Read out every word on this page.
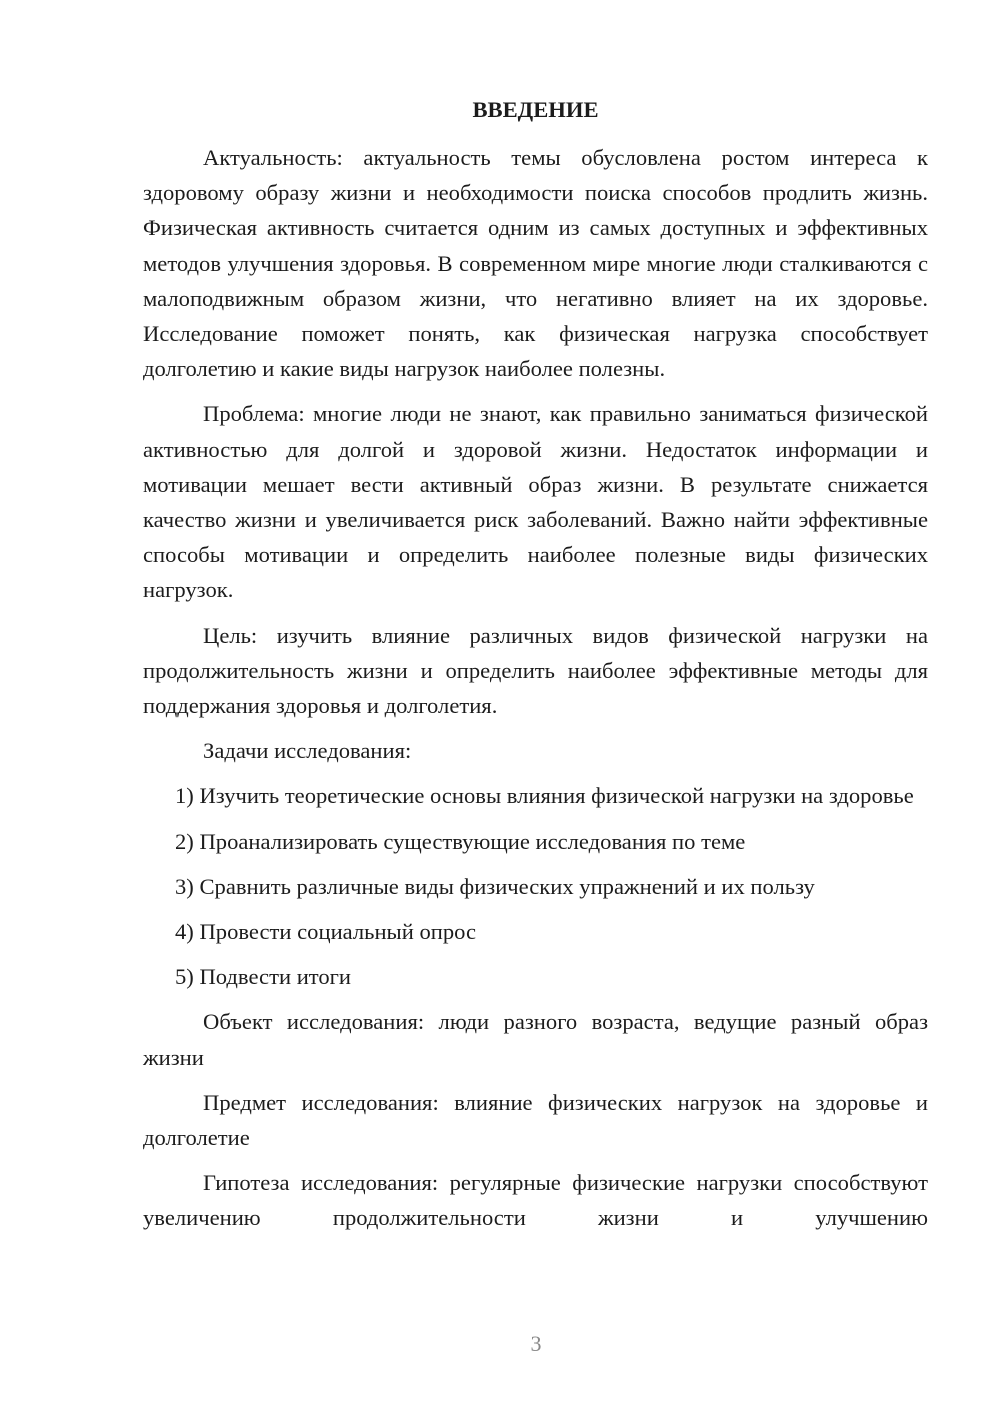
ВВЕДЕНИЕ

Актуальность: актуальность темы обусловлена ростом интереса к здоровому образу жизни и необходимости поиска способов продлить жизнь. Физическая активность считается одним из самых доступных и эффективных методов улучшения здоровья. В современном мире многие люди сталкиваются с малоподвижным образом жизни, что негативно влияет на их здоровье. Исследование поможет понять, как физическая нагрузка способствует долголетию и какие виды нагрузок наиболее полезны.

Проблема: многие люди не знают, как правильно заниматься физической активностью для долгой и здоровой жизни. Недостаток информации и мотивации мешает вести активный образ жизни. В результате снижается качество жизни и увеличивается риск заболеваний. Важно найти эффективные способы мотивации и определить наиболее полезные виды физических нагрузок.

Цель: изучить влияние различных видов физической нагрузки на продолжительность жизни и определить наиболее эффективные методы для поддержания здоровья и долголетия.

Задачи исследования:

1) Изучить теоретические основы влияния физической нагрузки на здоровье
2) Проанализировать существующие исследования по теме
3) Сравнить различные виды физических упражнений и их пользу
4) Провести социальный опрос
5) Подвести итоги

Объект исследования: люди разного возраста, ведущие разный образ жизни

Предмет исследования: влияние физических нагрузок на здоровье и долголетие

Гипотеза исследования: регулярные физические нагрузки способствуют увеличению продолжительности жизни и улучшению

3
